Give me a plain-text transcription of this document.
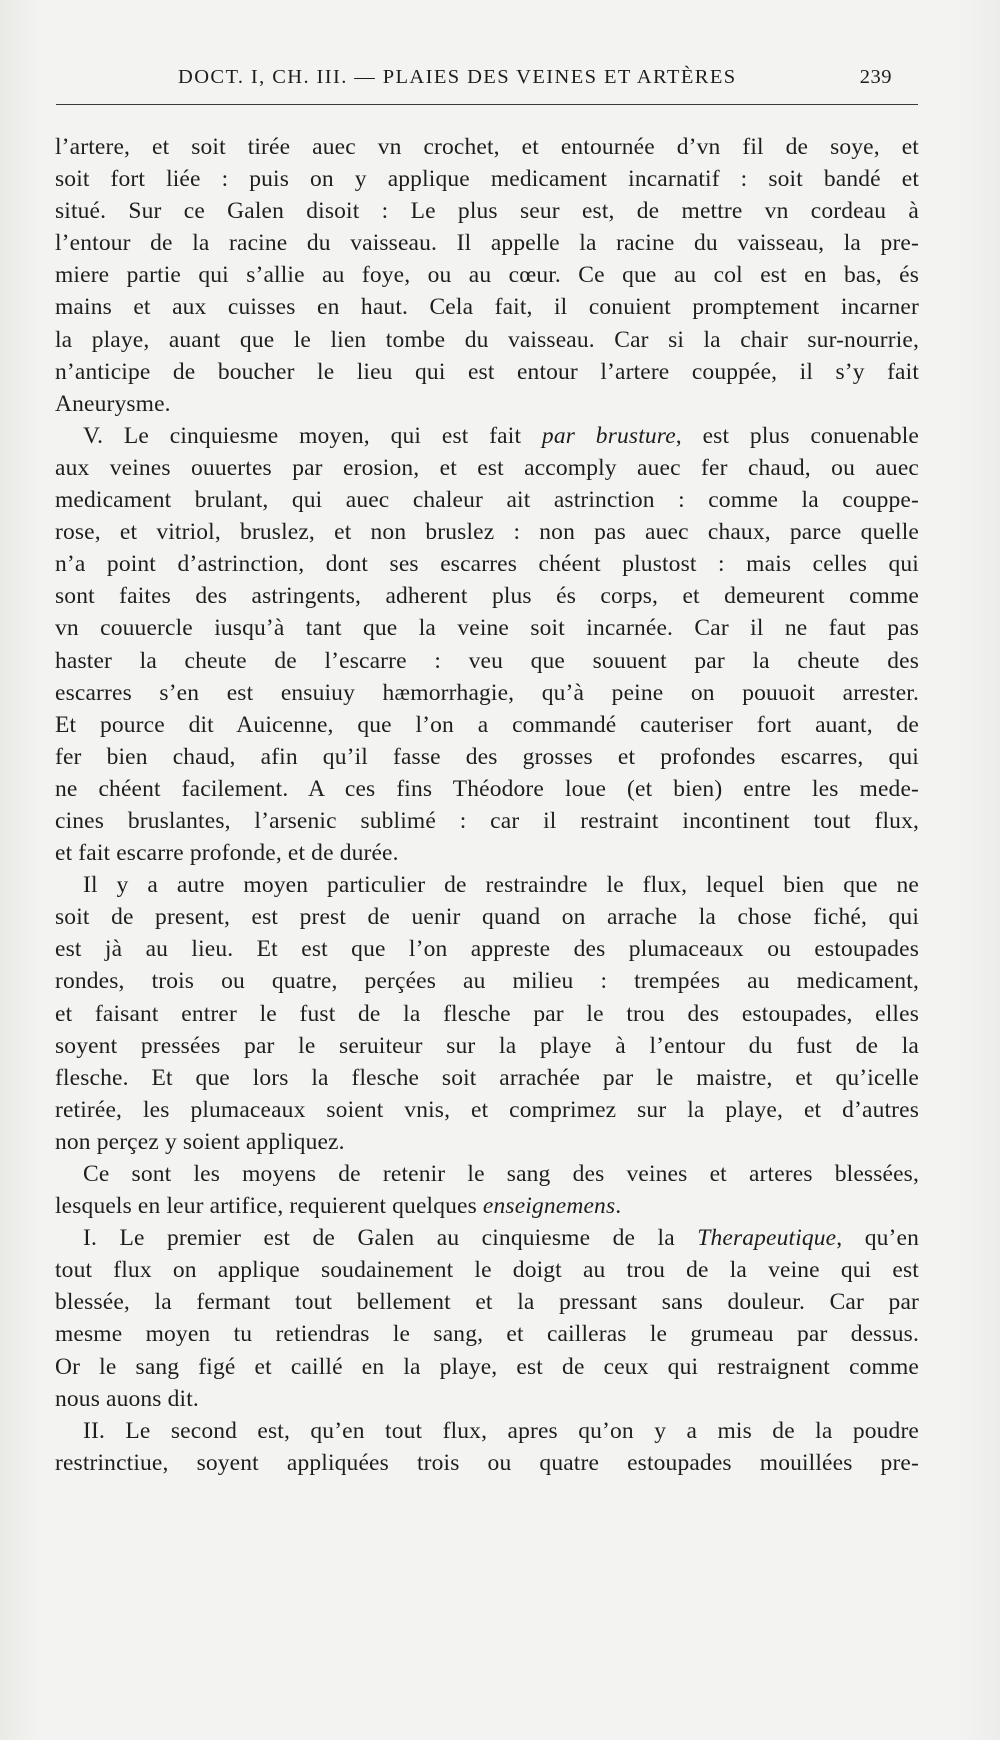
DOCT. I, CH. III. — PLAIES DES VEINES ET ARTÈRES	239
l’artere, et soit tirée auec vn crochet, et entournée d’vn fil de soye, et
soit fort liée : puis on y applique medicament incarnatif : soit bandé et
situé. Sur ce Galen disoit : Le plus seur est, de mettre vn cordeau à
l’entour de la racine du vaisseau. Il appelle la racine du vaisseau, la pre-
miere partie qui s’allie au foye, ou au cœur. Ce que au col est en bas, és
mains et aux cuisses en haut. Cela fait, il conuient promptement incarner
la playe, auant que le lien tombe du vaisseau. Car si la chair sur-nourrie,
n’anticipe de boucher le lieu qui est entour l’artere couppée, il s’y fait
Aneurysme.
V. Le cinquiesme moyen, qui est fait par brusture, est plus conuenable
aux veines ouuertes par erosion, et est accomply auec fer chaud, ou auec
medicament brulant, qui auec chaleur ait astrinction : comme la couppe-
rose, et vitriol, bruslez, et non bruslez : non pas auec chaux, parce quelle
n’a point d’astrinction, dont ses escarres chéent plustost : mais celles qui
sont faites des astringents, adherent plus és corps, et demeurent comme
vn couuercle iusqu’à tant que la veine soit incarnée. Car il ne faut pas
haster la cheute de l’escarre : veu que souuent par la cheute des
escarres s’en est ensuiuy hæmorrhagie, qu’à peine on pouuoit arrester.
Et pource dit Auicenne, que l’on a commandé cauteriser fort auant, de
fer bien chaud, afin qu’il fasse des grosses et profondes escarres, qui
ne chéent facilement. A ces fins Théodore loue (et bien) entre les mede-
cines bruslantes, l’arsenic sublimé : car il restraint incontinent tout flux,
et fait escarre profonde, et de durée.
Il y a autre moyen particulier de restraindre le flux, lequel bien que ne
soit de present, est prest de uenir quand on arrache la chose fiché, qui
est jà au lieu. Et est que l’on appreste des plumaceaux ou estoupades
rondes, trois ou quatre, perçées au milieu : trempées au medicament,
et faisant entrer le fust de la flesche par le trou des estoupades, elles
soyent pressées par le seruiteur sur la playe à l’entour du fust de la
flesche. Et que lors la flesche soit arrachée par le maistre, et qu’icelle
retirée, les plumaceaux soient vnis, et comprimez sur la playe, et d’autres
non perçez y soient appliquez.
Ce sont les moyens de retenir le sang des veines et arteres blessées,
lesquels en leur artifice, requierent quelques enseignemens.
I. Le premier est de Galen au cinquiesme de la Therapeutique, qu’en
tout flux on applique soudainement le doigt au trou de la veine qui est
blessée, la fermant tout bellement et la pressant sans douleur. Car par
mesme moyen tu retiendras le sang, et cailleras le grumeau par dessus.
Or le sang figé et caillé en la playe, est de ceux qui restraignent comme
nous auons dit.
II. Le second est, qu’en tout flux, apres qu’on y a mis de la poudre
restrinctiue, soyent appliquées trois ou quatre estoupades mouillées pre-
